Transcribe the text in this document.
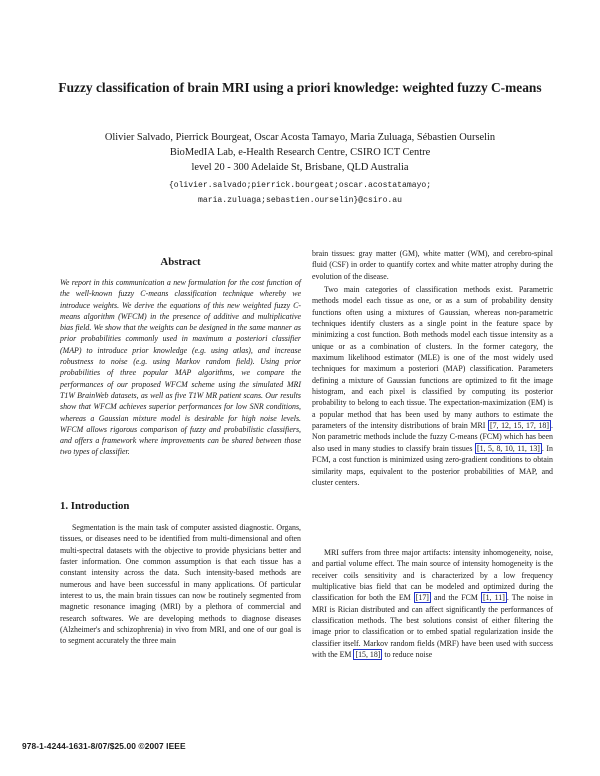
Fuzzy classification of brain MRI using a priori knowledge: weighted fuzzy C-means
Olivier Salvado, Pierrick Bourgeat, Oscar Acosta Tamayo, Maria Zuluaga, Sébastien Ourselin
BioMedIA Lab, e-Health Research Centre, CSIRO ICT Centre
level 20 - 300 Adelaide St, Brisbane, QLD Australia
{olivier.salvado;pierrick.bourgeat;oscar.acostatamayo;
maria.zuluaga;sebastien.ourselin}@csiro.au
Abstract
We report in this communication a new formulation for the cost function of the well-known fuzzy C-means classification technique whereby we introduce weights. We derive the equations of this new weighted fuzzy C-means algorithm (WFCM) in the presence of additive and multiplicative bias field. We show that the weights can be designed in the same manner as prior probabilities commonly used in maximum a posteriori classifier (MAP) to introduce prior knowledge (e.g. using atlas), and increase robustness to noise (e.g. using Markov random field). Using prior probabilities of three popular MAP algorithms, we compare the performances of our proposed WFCM scheme using the simulated MRI T1W BrainWeb datasets, as well as five T1W MR patient scans. Our results show that WFCM achieves superior performances for low SNR conditions, whereas a Gaussian mixture model is desirable for high noise levels. WFCM allows rigorous comparison of fuzzy and probabilistic classifiers, and offers a framework where improvements can be shared between those two types of classifier.
1. Introduction
Segmentation is the main task of computer assisted diagnostic. Organs, tissues, or diseases need to be identified from multi-dimensional and often multi-spectral datasets with the objective to provide physicians better and faster information. One common assumption is that each tissue has a constant intensity across the data. Such intensity-based methods are numerous and have been successful in many applications. Of particular interest to us, the main brain tissues can now be routinely segmented from magnetic resonance imaging (MRI) by a plethora of commercial and research softwares. We are developing methods to diagnose diseases (Alzheimer's and schizophrenia) in vivo from MRI, and one of our goal is to segment accurately the three main
brain tissues: gray matter (GM), white matter (WM), and cerebro-spinal fluid (CSF) in order to quantify cortex and white matter atrophy during the evolution of the disease.
Two main categories of classification methods exist. Parametric methods model each tissue as one, or as a sum of probability density functions often using a mixtures of Gaussian, whereas non-parametric techniques identify clusters as a single point in the feature space by minimizing a cost function. Both methods model each tissue intensity as a unique or as a combination of clusters. In the former category, the maximum likelihood estimator (MLE) is one of the most widely used techniques for maximum a posteriori (MAP) classification. Parameters defining a mixture of Gaussian functions are optimized to fit the image histogram, and each pixel is classified by computing its posterior probability to belong to each tissue. The expectation-maximization (EM) is a popular method that has been used by many authors to estimate the parameters of the intensity distributions of brain MRI [7, 12, 15, 17, 18] . Non parametric methods include the fuzzy C-means (FCM) which has been also used in many studies to classify brain tissues [1, 5, 8, 10, 11, 13] . In FCM, a cost function is minimized using zero-gradient conditions to obtain similarity maps, equivalent to the posterior probabilities of MAP, and cluster centers.
MRI suffers from three major artifacts: intensity inhomogeneity, noise, and partial volume effect. The main source of intensity homogeneity is the receiver coils sensitivity and is characterized by a low frequency multiplicative bias field that can be modeled and optimized during the classification for both the EM [17] and the FCM [1, 11] . The noise in MRI is Rician distributed and can affect significantly the performances of classification methods. The best solutions consist of either filtering the image prior to classification or to embed spatial regularization inside the classifier itself. Markov random fields (MRF) have been used with success with the EM [15, 18] to reduce noise
978-1-4244-1631-8/07/$25.00 ©2007 IEEE
